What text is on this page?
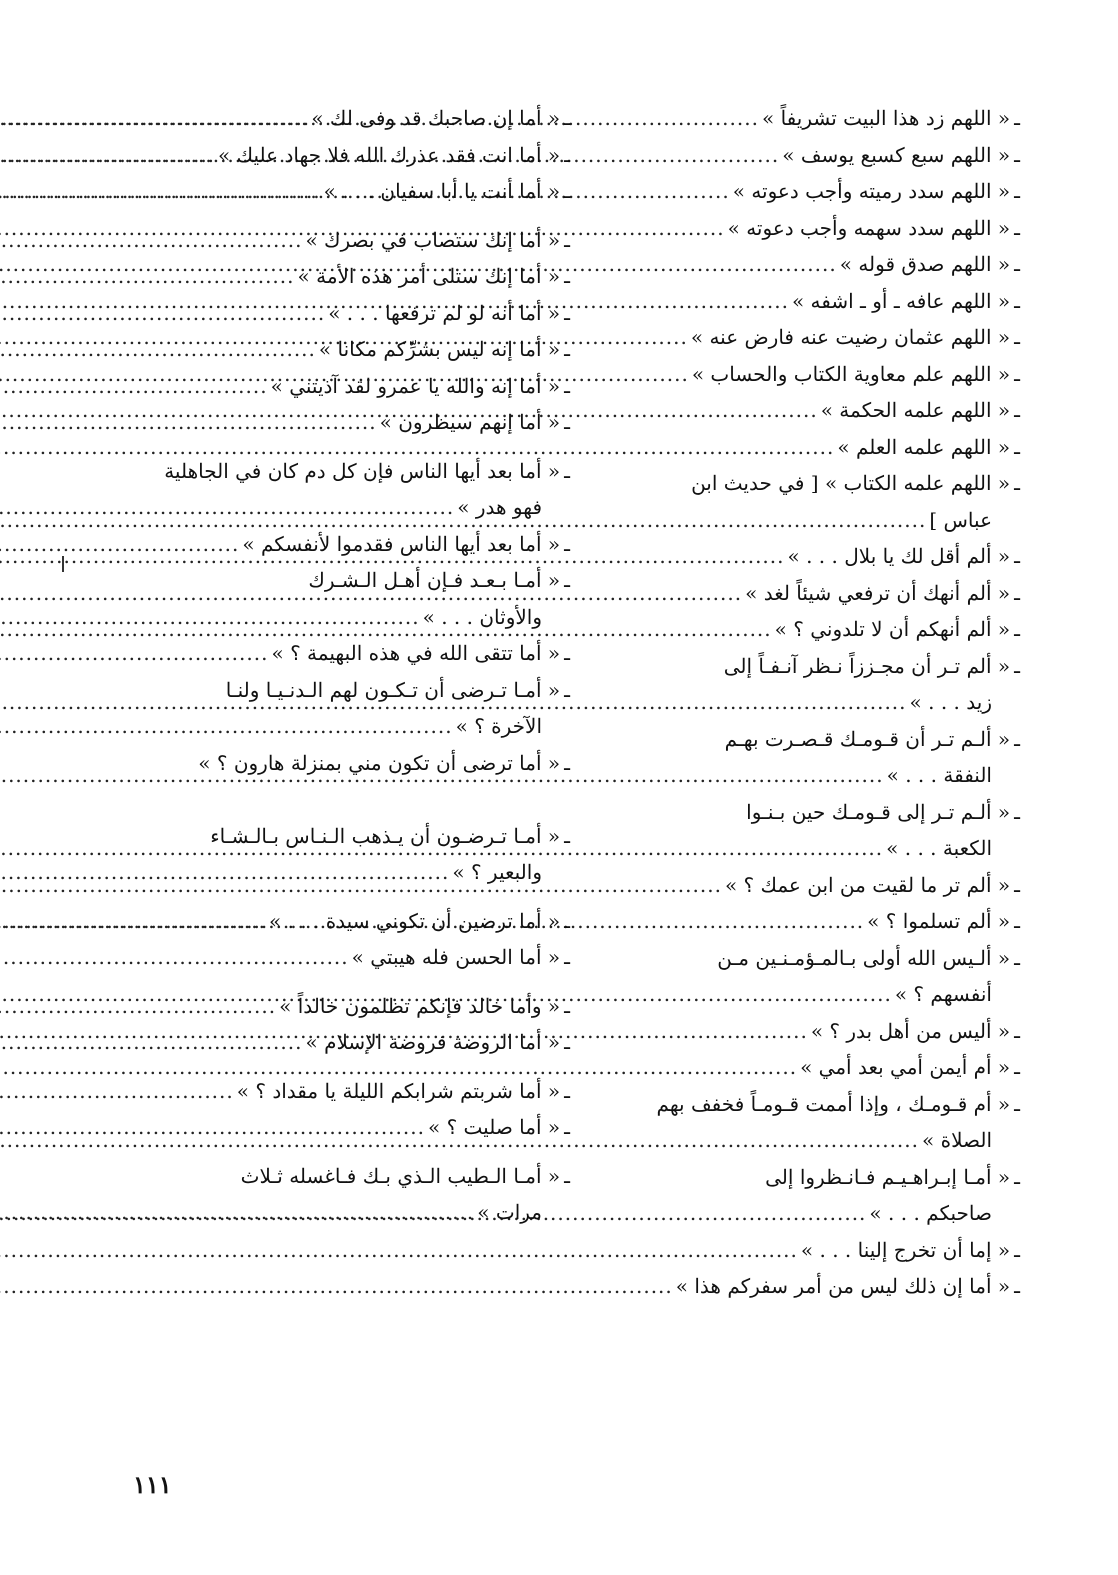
ـ
« اللهم زد هذا البيت تشريفاً »
.....
ـ
« اللهم سبع كسبع يوسف »
.....
ـ
« اللهم سدد رميته وأجب دعوته »
.....
ـ
« اللهم سدد سهمه وأجب دعوته »
.....
ـ
« اللهم صدق قوله »
.....
ـ
« اللهم عافه ـ أو ـ اشفه »
.....
ـ
« اللهم عثمان رضيت عنه فارض عنه »
.....
ـ
« اللهم علم معاوية الكتاب والحساب »
.....
ـ
« اللهم علمه الحكمة »
.....
ـ
« اللهم علمه العلم »
.....
ـ
« اللهم علمه الكتاب » [ في حديث ابن
عباس ]
.....
ـ
« ألم أقل لك يا بلال . . . »
.....
ـ
« ألم أنهك أن ترفعي شيئاً لغد »
.....
ـ
« ألم أنهكم أن لا تلدوني ؟ »
.....
ـ
« ألم تـر أن مجـززاً نـظر آنـفـاً إلى
زيد . . . »
.....
ـ
« ألـم تـر أن قـومـك قـصـرت بهـم
النفقة . . . »
.....
ـ
« ألـم تـر إلى قـومـك حين بـنـوا
الكعبة . . . »
.....
ـ
« ألم تر ما لقيت من ابن عمك ؟ »
.....
ـ
« ألم تسلموا ؟ »
.....
ـ
« ألـيس الله أولى بـالمـؤمـنـين مـن
أنفسهم ؟ »
.....
ـ
« أليس من أهل بدر ؟ »
.....
ـ
« أم أيمن أمي بعد أمي »
.....
ـ
« أم قـومـك ، وإذا أممت قـومـاً فخفف بهم
الصلاة »
.....
ـ
« أمـا إبـراهـيـم فـانـظروا إلى
صاحبكم . . . »
.....
ـ
« إما أن تخرج إلينا . . . »
.....
ـ
« أما إن ذلك ليس من أمر سفركم هذا »
.....
ـ
« أما إن صاحبك قد وفى لك »
.....
ـ
« أما انت فقد عذرك الله فلا جهاد عليك »
.....
ـ
« أما أنت يا أبا سفيان . . . »
.....
ـ
« أما إنك ستصاب في بصرك »
.....
ـ
« أما إنك ستلى أمر هذه الأمة »
.....
ـ
« أما أنه لو لم ترفعها . . . »
.....
ـ
« أما إنه ليس بشرِّكم مكانا »
.....
ـ
« أما إنه والله يا عمرو لقد آذيتني »
.....
ـ
« أما إنهم سيظرون »
.....
ـ
« أما بعد أيها الناس فإن كل دم كان في الجاهلية
فهو هدر »
.....
ـ
« أما بعد أيها الناس فقدموا لأنفسكم »
.....
ـ
« أمـا بـعـد فـإن أهـل الـشـرك
والأوثان . . . »
.....
ـ
« أما تتقى الله في هذه البهيمة ؟ »
.....
ـ
« أمـا تـرضى أن تـكـون لهم الـدنـيـا ولنـا
الآخرة ؟ »
.....
ـ
« أما ترضى أن تكون مني بمنزلة هارون ؟ »
ـ
« أمـا تـرضـون أن يـذهب الـنـاس بـالـشـاء
والبعير ؟ »
.....
ـ
« أما ترضين أن تكوني سيدة . . . »
.....
ـ
« أما الحسن فله هيبتي »
.....
ـ
« وأما خالد فإنكم تظلمون خالداً »
.....
ـ
« أما الروضة فروضة الإسلام »
.....
ـ
« أما شربتم شرابكم الليلة يا مقداد ؟ »
.....
ـ
« أما صليت ؟ »
.....
ـ
« أمـا الـطيب الـذي بـك فـاغسله ثـلاث
مرات »
.....
١١١
